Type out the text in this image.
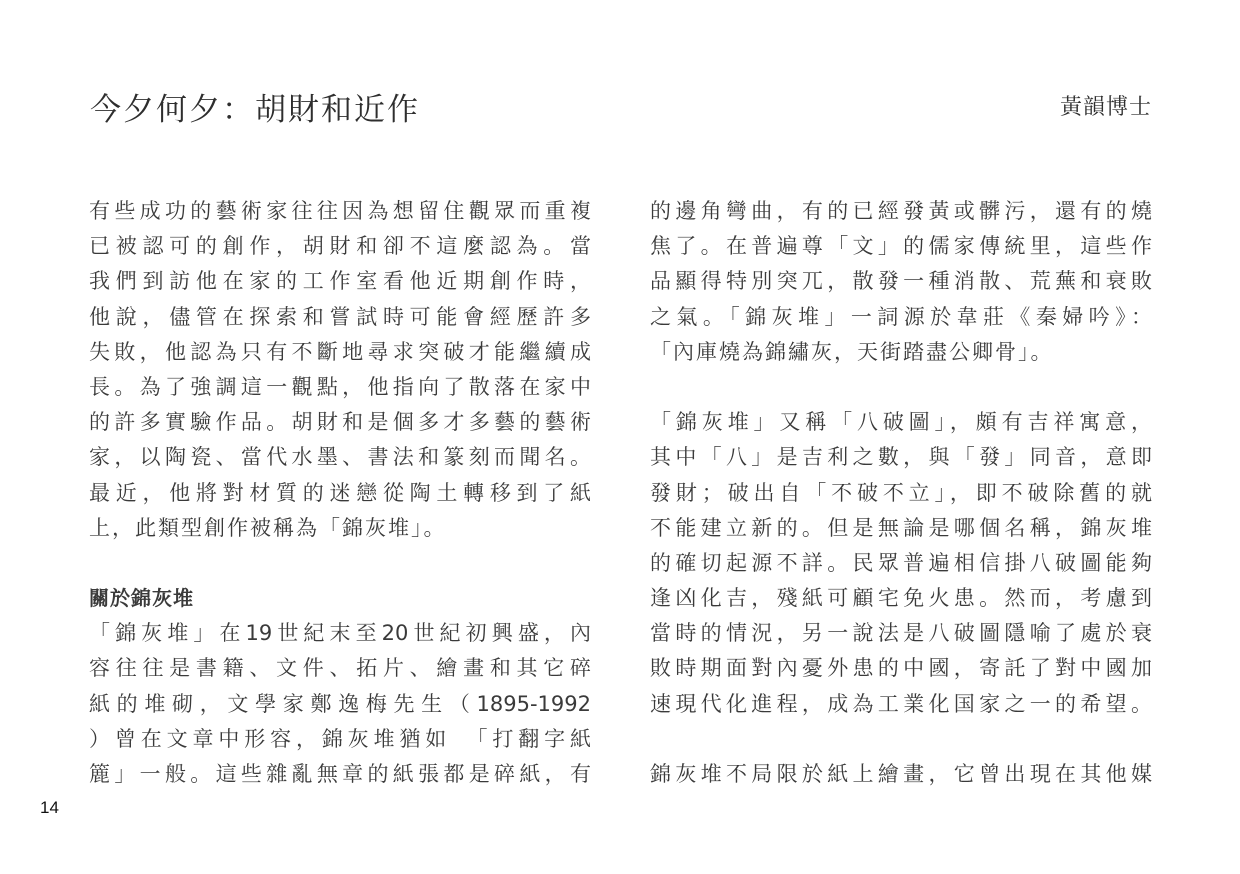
今夕何夕：胡財和近作	黃韻博士
有些成功的藝術家往往因為想留住觀眾而重複
已被認可的創作，胡財和卻不這麼認為。當
我們到訪他在家的工作室看他近期創作時，
他說，儘管在探索和嘗試時可能會經歷許多
失敗，他認為只有不斷地尋求突破才能繼續成
長。為了強調這一觀點，他指向了散落在家中
的許多實驗作品。胡財和是個多才多藝的藝術
家，以陶瓷、當代水墨、書法和篆刻而聞名。
最近，他將對材質的迷戀從陶土轉移到了紙
上，此類型創作被稱為「錦灰堆」。
關於錦灰堆
「錦灰堆」在19世紀末至20世紀初興盛，內
容往往是書籍、文件、拓片、繪畫和其它碎
紙的堆砌，文學家鄭逸梅先生（1895-1992
）曾在文章中形容，錦灰堆猶如　「打翻字紙
簏」一般。這些雜亂無章的紙張都是碎紙，有
的邊角彎曲，有的已經發黃或髒污，還有的燒
焦了。在普遍尊「文」的儒家傳統里，這些作
品顯得特別突兀，散發一種消散、荒蕪和衰敗
之氣。「錦灰堆」一詞源於韋莊《秦婦吟》：
「內庫燒為錦繡灰，天街踏盡公卿骨」。
「錦灰堆」又稱「八破圖」，頗有吉祥寓意，
其中「八」是吉利之數，與「發」同音，意即
發財；破出自「不破不立」，即不破除舊的就
不能建立新的。但是無論是哪個名稱，錦灰堆
的確切起源不詳。民眾普遍相信掛八破圖能夠
逢凶化吉，殘紙可顧宅免火患。然而，考慮到
當時的情況，另一說法是八破圖隱喻了處於衰
敗時期面對內憂外患的中國，寄託了對中國加
速現代化進程，成為工業化国家之一的希望。
錦灰堆不局限於紙上繪畫，它曾出現在其他媒
14
